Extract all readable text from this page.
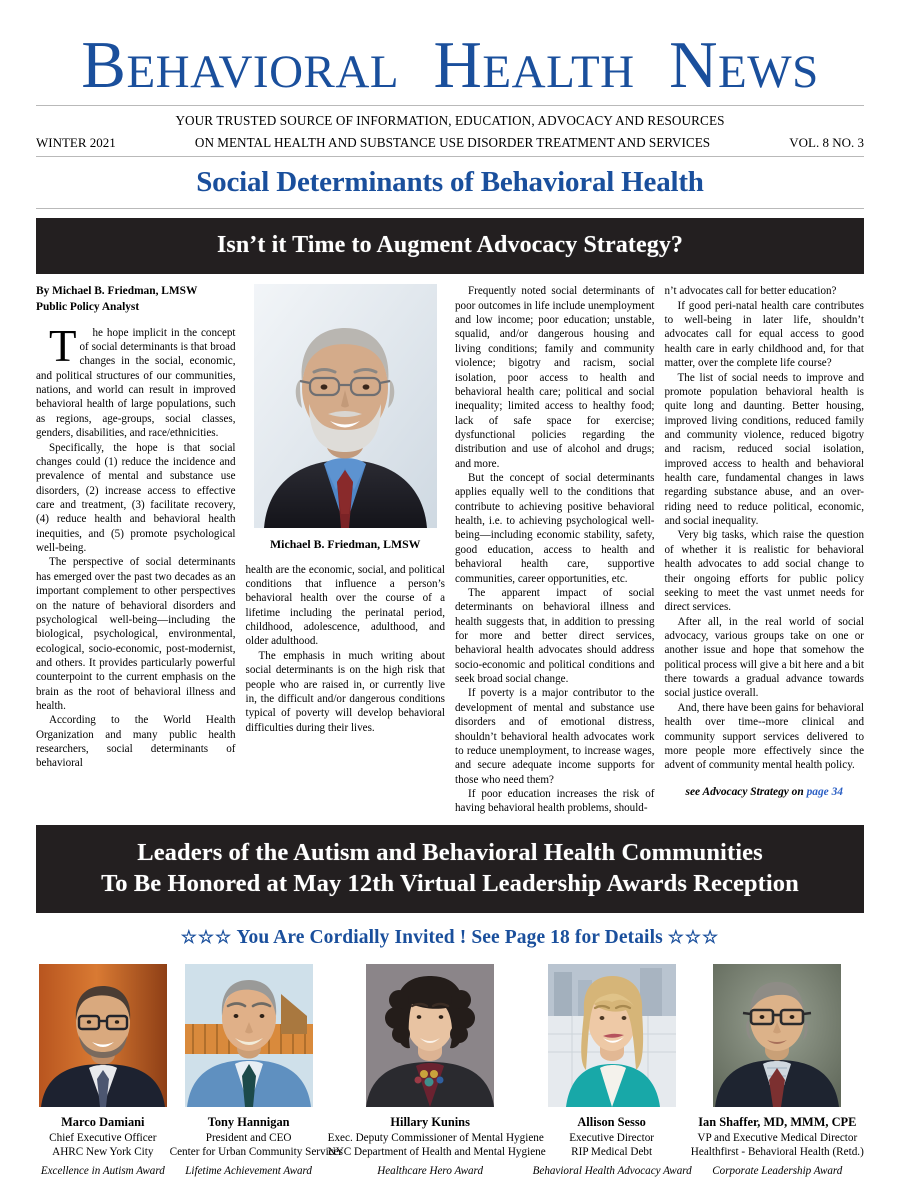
BEHAVIORAL  HEALTH  NEWS
YOUR TRUSTED SOURCE OF INFORMATION, EDUCATION, ADVOCACY AND RESOURCES
WINTER 2021	ON MENTAL HEALTH AND SUBSTANCE USE DISORDER TREATMENT AND SERVICES	VOL. 8 NO. 3
Social Determinants of Behavioral Health
Isn’t it Time to Augment Advocacy Strategy?
By Michael B. Friedman, LMSW
Public Policy Analyst

T he hope implicit in the concept of social determinants is that broad changes in the social, economic, and political structures of our communities, nations, and world can result in improved behavioral health of large populations, such as regions, age-groups, social classes, genders, disabilities, and race/ethnicities.

Specifically, the hope is that social changes could (1) reduce the incidence and prevalence of mental and substance use disorders, (2) increase access to effective care and treatment, (3) facilitate recovery, (4) reduce health and behavioral health inequities, and (5) promote psychological well-being.

The perspective of social determinants has emerged over the past two decades as an important complement to other perspectives on the nature of behavioral disorders and psychological well-being—including the biological, psychological, environmental, ecological, socio-economic, post-modernist, and others. It provides particularly powerful counterpoint to the current emphasis on the brain as the root of behavioral illness and health.

According to the World Health Organization and many public health researchers, social determinants of behavioral

Michael B. Friedman, LMSW

health are the economic, social, and political conditions that influence a person’s behavioral health over the course of a lifetime including the perinatal period, childhood, adolescence, adulthood, and older adulthood.

The emphasis in much writing about social determinants is on the high risk that people who are raised in, or currently live in, the difficult and/or dangerous conditions typical of poverty will develop behavioral difficulties during their lives.

Frequently noted social determinants of poor outcomes in life include unemployment and low income; poor education; unstable, squalid, and/or dangerous housing and living conditions; family and community violence; bigotry and racism, social isolation, poor access to health and behavioral health care; political and social inequality; limited access to healthy food; lack of safe space for exercise; dysfunctional policies regarding the distribution and use of alcohol and drugs; and more.

But the concept of social determinants applies equally well to the conditions that contribute to achieving positive behavioral health, i.e. to achieving psychological well-being—including economic stability, safety, good education, access to health and behavioral health care, supportive communities, career opportunities, etc.

The apparent impact of social determinants on behavioral illness and health suggests that, in addition to pressing for more and better direct services, behavioral health advocates should address socio-economic and political conditions and seek broad social change.

If poverty is a major contributor to the development of mental and substance use disorders and of emotional distress, shouldn’t behavioral health advocates work to reduce unemployment, to increase wages, and secure adequate income supports for those who need them?

If poor education increases the risk of having behavioral health problems, should-

n’t advocates call for better education?

If good peri-natal health care contributes to well-being in later life, shouldn’t advocates call for equal access to good health care in early childhood and, for that matter, over the complete life course?

The list of social needs to improve and promote population behavioral health is quite long and daunting. Better housing, improved living conditions, reduced family and community violence, reduced bigotry and racism, reduced social isolation, improved access to health and behavioral health care, fundamental changes in laws regarding substance abuse, and an over-riding need to reduce political, economic, and social inequality.

Very big tasks, which raise the question of whether it is realistic for behavioral health advocates to add social change to their ongoing efforts for public policy seeking to meet the vast unmet needs for direct services.

After all, in the real world of social advocacy, various groups take on one or another issue and hope that somehow the political process will give a bit here and a bit there towards a gradual advance towards social justice overall.

And, there have been gains for behavioral health over time--more clinical and community support services delivered to more people more effectively since the advent of community mental health policy.

see Advocacy Strategy on page 34
Leaders of the Autism and Behavioral Health Communities
To Be Honored at May 12th Virtual Leadership Awards Reception
☆☆☆ You Are Cordially Invited ! See Page 18 for Details ☆☆☆
Marco Damiani
Chief Executive Officer
AHRC New York City
Excellence in Autism Award
Tony Hannigan
President and CEO
Center for Urban Community Services
Lifetime Achievement Award
Hillary Kunins
Exec. Deputy Commissioner of Mental Hygiene
NYC Department of Health and Mental Hygiene
Healthcare Hero Award
Allison Sesso
Executive Director
RIP Medical Debt
Behavioral Health Advocacy Award
Ian Shaffer, MD, MMM, CPE
VP and Executive Medical Director
Healthfirst - Behavioral Health (Retd.)
Corporate Leadership Award
